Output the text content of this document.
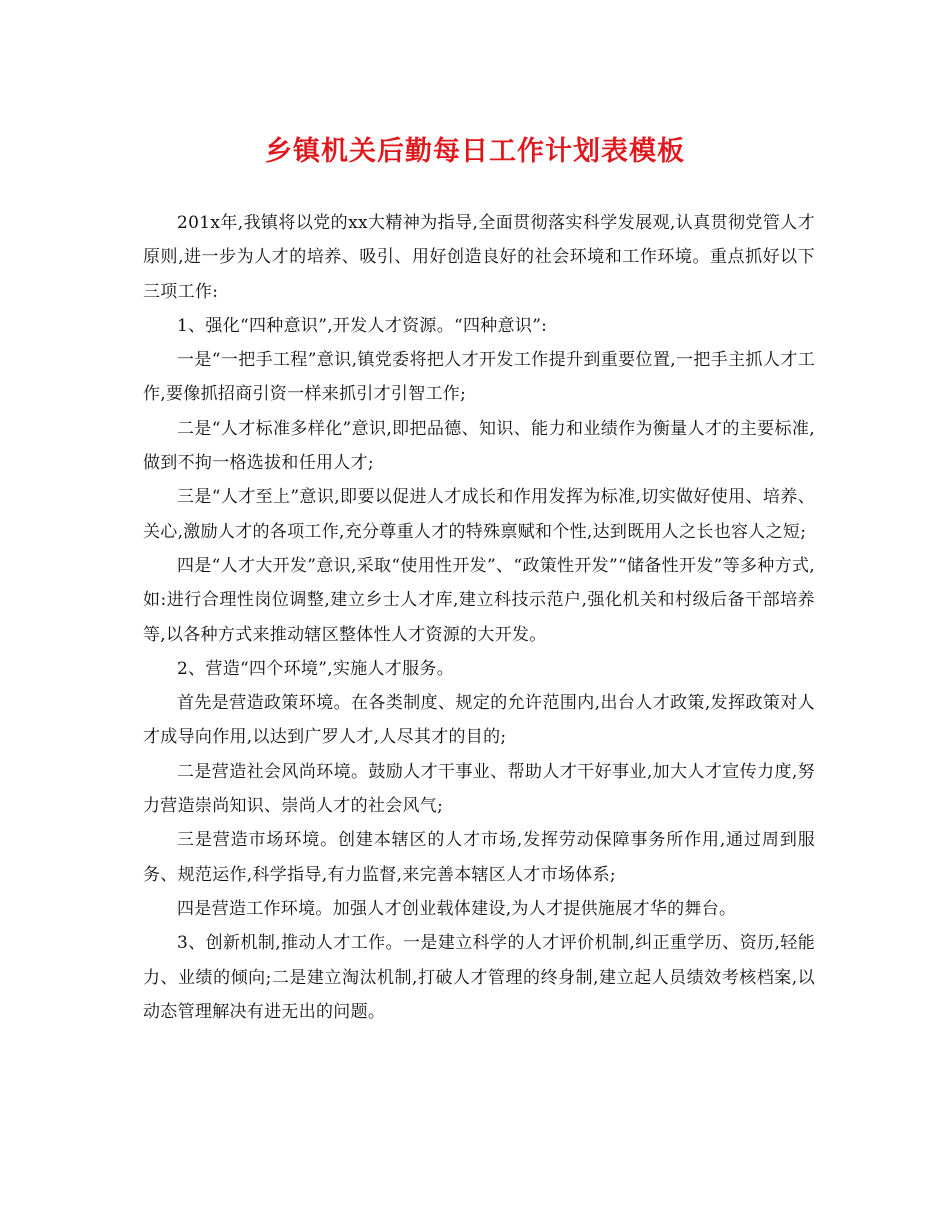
乡镇机关后勤每日工作计划表模板

201x年,我镇将以党的xx大精神为指导,全面贯彻落实科学发展观,认真贯彻党管人才原则,进一步为人才的培养、吸引、用好创造良好的社会环境和工作环境。重点抓好以下三项工作:

1、强化“四种意识”,开发人才资源。“四种意识”:

一是“一把手工程”意识,镇党委将把人才开发工作提升到重要位置,一把手主抓人才工作,要像抓招商引资一样来抓引才引智工作;

二是“人才标准多样化”意识,即把品德、知识、能力和业绩作为衡量人才的主要标准,做到不拘一格选拔和任用人才;

三是“人才至上”意识,即要以促进人才成长和作用发挥为标准,切实做好使用、培养、关心,激励人才的各项工作,充分尊重人才的特殊禀赋和个性,达到既用人之长也容人之短;

四是“人才大开发”意识,采取“使用性开发”、“政策性开发”“储备性开发”等多种方式,如:进行合理性岗位调整,建立乡士人才库,建立科技示范户,强化机关和村级后备干部培养等,以各种方式来推动辖区整体性人才资源的大开发。

2、营造“四个环境”,实施人才服务。

首先是营造政策环境。在各类制度、规定的允许范围内,出台人才政策,发挥政策对人才成导向作用,以达到广罗人才,人尽其才的目的;

二是营造社会风尚环境。鼓励人才干事业、帮助人才干好事业,加大人才宣传力度,努力营造崇尚知识、崇尚人才的社会风气;

三是营造市场环境。创建本辖区的人才市场,发挥劳动保障事务所作用,通过周到服务、规范运作,科学指导,有力监督,来完善本辖区人才市场体系;

四是营造工作环境。加强人才创业载体建设,为人才提供施展才华的舞台。

3、创新机制,推动人才工作。一是建立科学的人才评价机制,纠正重学历、资历,轻能力、业绩的倾向;二是建立淘汰机制,打破人才管理的终身制,建立起人员绩效考核档案,以动态管理解决有进无出的问题。
